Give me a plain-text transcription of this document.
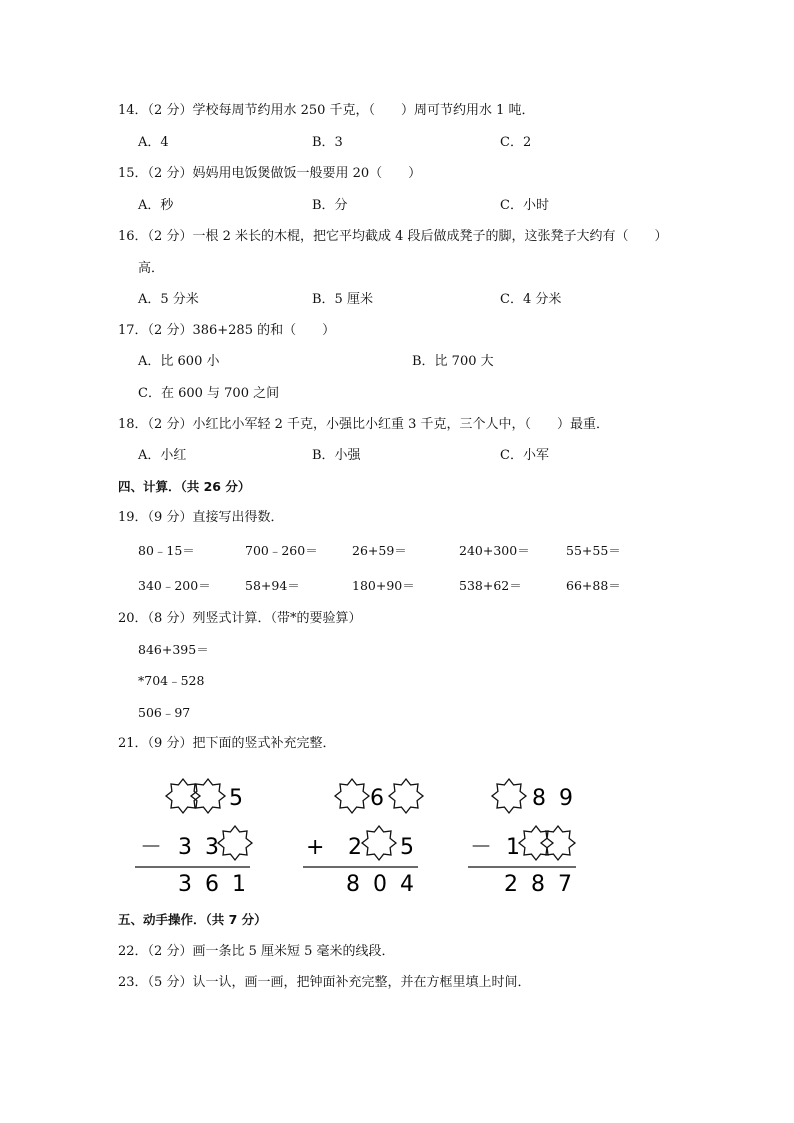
14．（2 分）学校每周节约用水 250 千克，（　　）周可节约用水 1 吨．
A．4	B．3	C．2
15．（2 分）妈妈用电饭煲做饭一般要用 20（　　）
A．秒	B．分	C．小时
16．（2 分）一根 2 米长的木棍，把它平均截成 4 段后做成凳子的脚，这张凳子大约有（　　）
高．
A．5 分米	B．5 厘米	C．4 分米
17．（2 分）386+285 的和（　　）
A．比 600 小	B．比 700 大
C．在 600 与 700 之间
18．（2 分）小红比小军轻 2 千克，小强比小红重 3 千克，三个人中，（　　）最重．
A．小红	B．小强	C．小军
四、计算．（共 26 分）
19．（9 分）直接写出得数．
80﹣15＝	700﹣260＝	26+59＝	240+300＝	55+55＝
340﹣200＝	58+94＝	180+90＝	538+62＝	66+88＝
20．（8 分）列竖式计算．（带*的要验算）
846+395＝
*704﹣528
506﹣97
21．（9 分）把下面的竖式补充完整．
5
－ 3 3
3 6 1
6
+ 2 5
8 0 4
8 9
－ 1
2 8 7
五、动手操作．（共 7 分）
22．（2 分）画一条比 5 厘米短 5 毫米的线段．
23．（5 分）认一认，画一画，把钟面补充完整，并在方框里填上时间．
